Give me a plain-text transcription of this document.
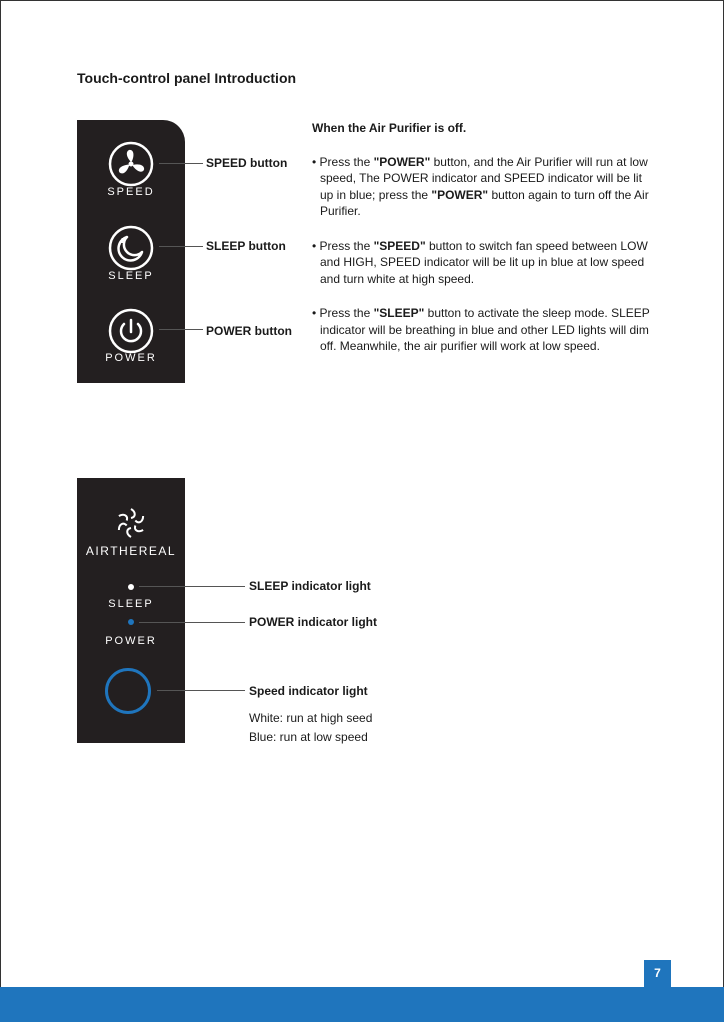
Touch-control panel Introduction
SPEED
z
SLEEP
POWER
SPEED button
SLEEP button
POWER button
When the Air Purifier is off.
• Press the "POWER" button, and the Air Purifier will run at low speed, The POWER indicator and SPEED indicator will be lit up in blue; press the "POWER" button again to turn off the Air Purifier.
• Press the "SPEED" button to switch fan speed between LOW and HIGH, SPEED indicator will be lit up in blue at low speed and turn white at high speed.
• Press the "SLEEP" button to activate the sleep mode. SLEEP indicator will be breathing in blue and other LED lights will dim off. Meanwhile, the air purifier will work at low speed.
AIRTHEREAL
SLEEP
POWER
SLEEP indicator light
POWER indicator light
Speed indicator light
White: run at high seed
Blue: run at low speed
7
